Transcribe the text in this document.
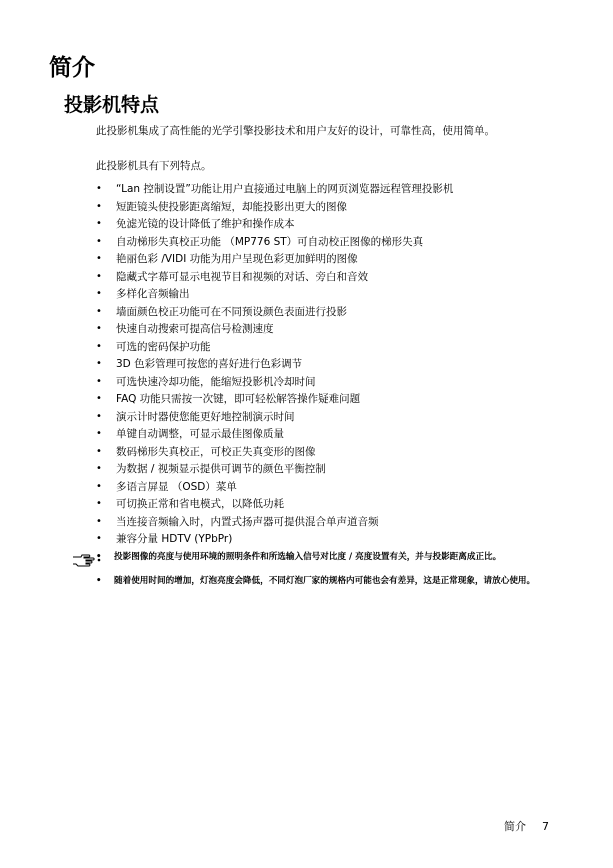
简介
投影机特点

此投影机集成了高性能的光学引擎投影技术和用户友好的设计，可靠性高，使用简单。

此投影机具有下列特点。

• “Lan 控制设置”功能让用户直接通过电脑上的网页浏览器远程管理投影机
• 短距镜头使投影距离缩短，却能投影出更大的图像
• 免滤光镜的设计降低了维护和操作成本
• 自动梯形失真校正功能 （MP776 ST）可自动校正图像的梯形失真
• 艳丽色彩 /VIDI 功能为用户呈现色彩更加鲜明的图像
• 隐藏式字幕可显示电视节目和视频的对话、旁白和音效
• 多样化音频输出
• 墙面颜色校正功能可在不同预设颜色表面进行投影
• 快速自动搜索可提高信号检测速度
• 可选的密码保护功能
• 3D 色彩管理可按您的喜好进行色彩调节
• 可选快速冷却功能，能缩短投影机冷却时间
• FAQ 功能只需按一次键，即可轻松解答操作疑难问题
• 演示计时器使您能更好地控制演示时间
• 单键自动调整，可显示最佳图像质量
• 数码梯形失真校正，可校正失真变形的图像
• 为数据 / 视频显示提供可调节的颜色平衡控制
• 多语言屏显 （OSD）菜单
• 可切换正常和省电模式，以降低功耗
• 当连接音频输入时，内置式扬声器可提供混合单声道音频
• 兼容分量 HDTV (YPbPr)
• 投影图像的亮度与使用环境的照明条件和所选输入信号对比度 / 亮度设置有关，并与投影距离成正比。
• 随着使用时间的增加，灯泡亮度会降低，不同灯泡厂家的规格内可能也会有差异，这是正常现象，请放心使用。
简介 7
